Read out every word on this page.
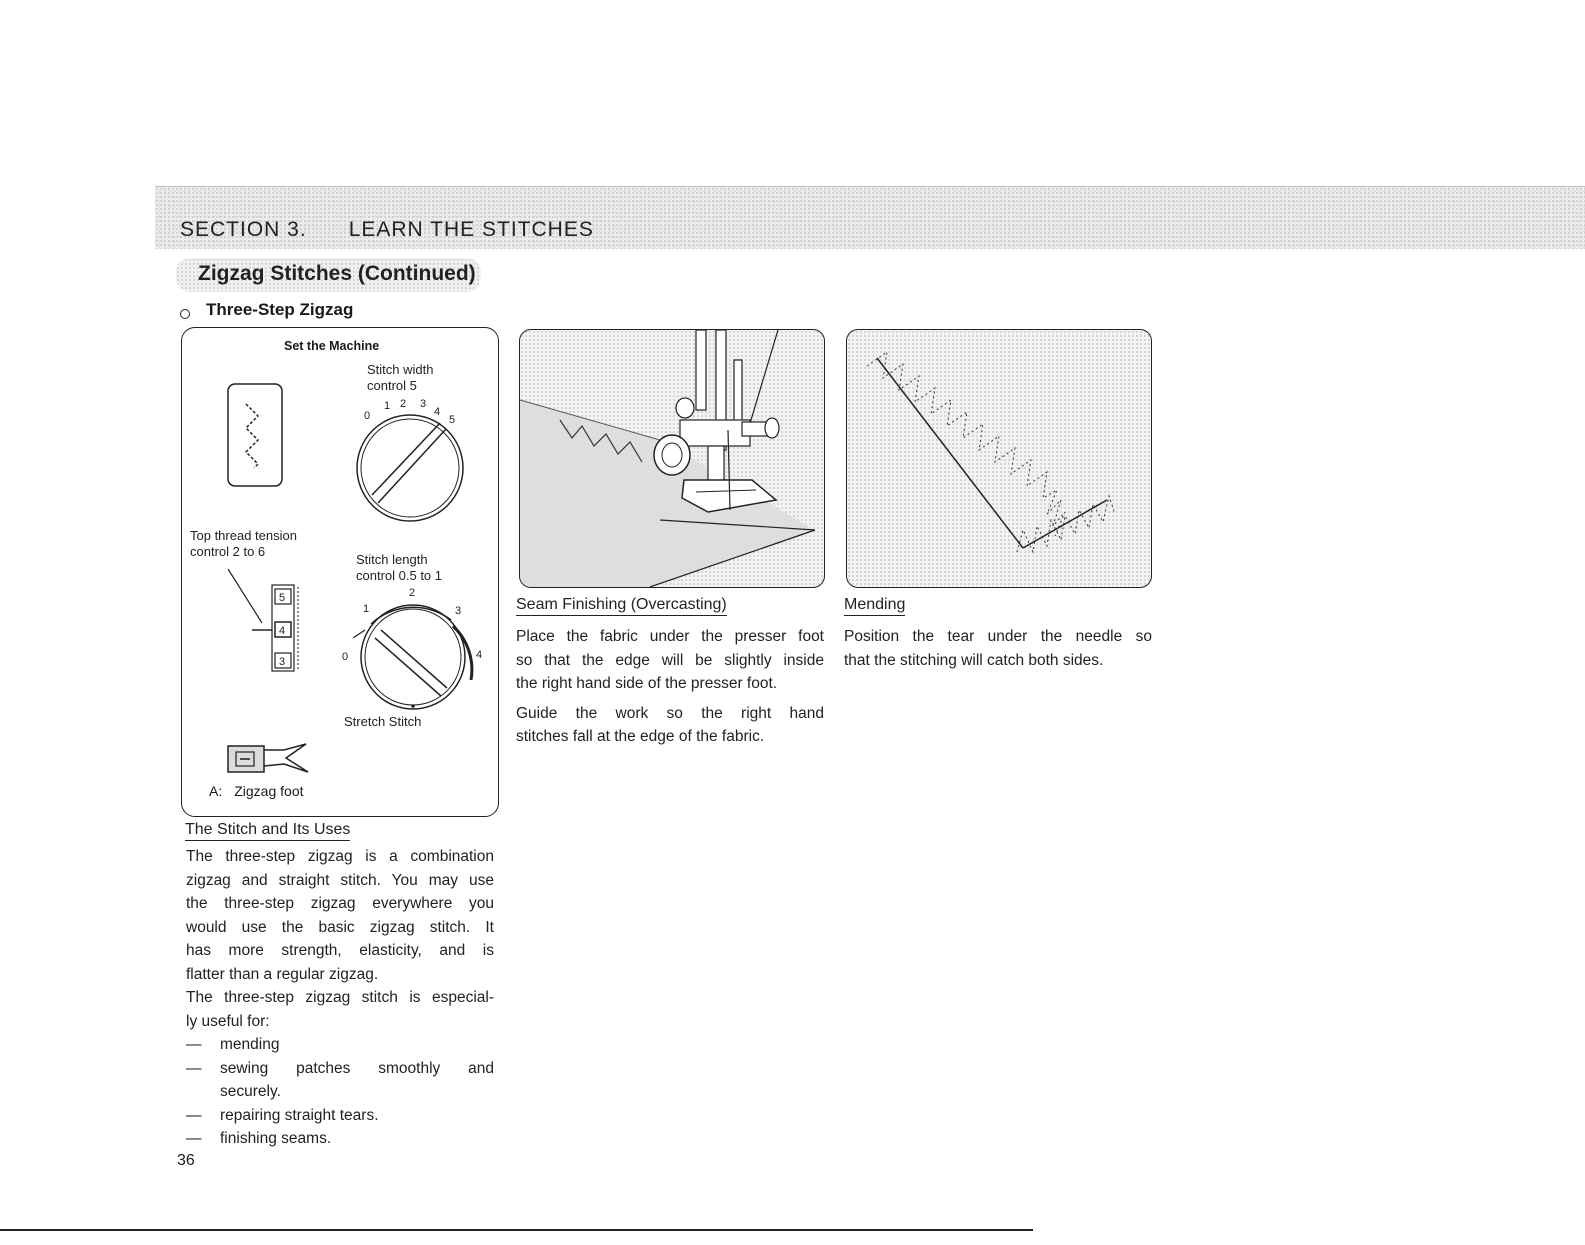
SECTION 3. LEARN THE STITCHES
Zigzag Stitches (Continued)
Three-Step Zigzag
Set the Machine
Stitch width
control 5
0
1 2 3
4
5
Top thread tension
control 2 to 6
Stitch length
control 0.5 to 1
5
4
3	0
1
2
3
4
Stretch Stitch
A: Zigzag foot
The Stitch and Its Uses
The three-step zigzag is a combination
zigzag and straight stitch. You may use
the three-step zigzag everywhere you
would use the basic zigzag stitch. It
has more strength, elasticity, and is
flatter than a regular zigzag.
The three-step zigzag stitch is especial-
ly useful for:
—	mending
—	sewing patches smoothly and
securely.
—	repairing straight tears.
—	finishing seams.
36
Seam Finishing (Overcasting)
Place the fabric under the presser foot
so that the edge will be slightly inside
the right hand side of the presser foot.
Guide the work so the right hand
stitches fall at the edge of the fabric.
Mending
Position the tear under the needle so
that the stitching will catch both sides.
